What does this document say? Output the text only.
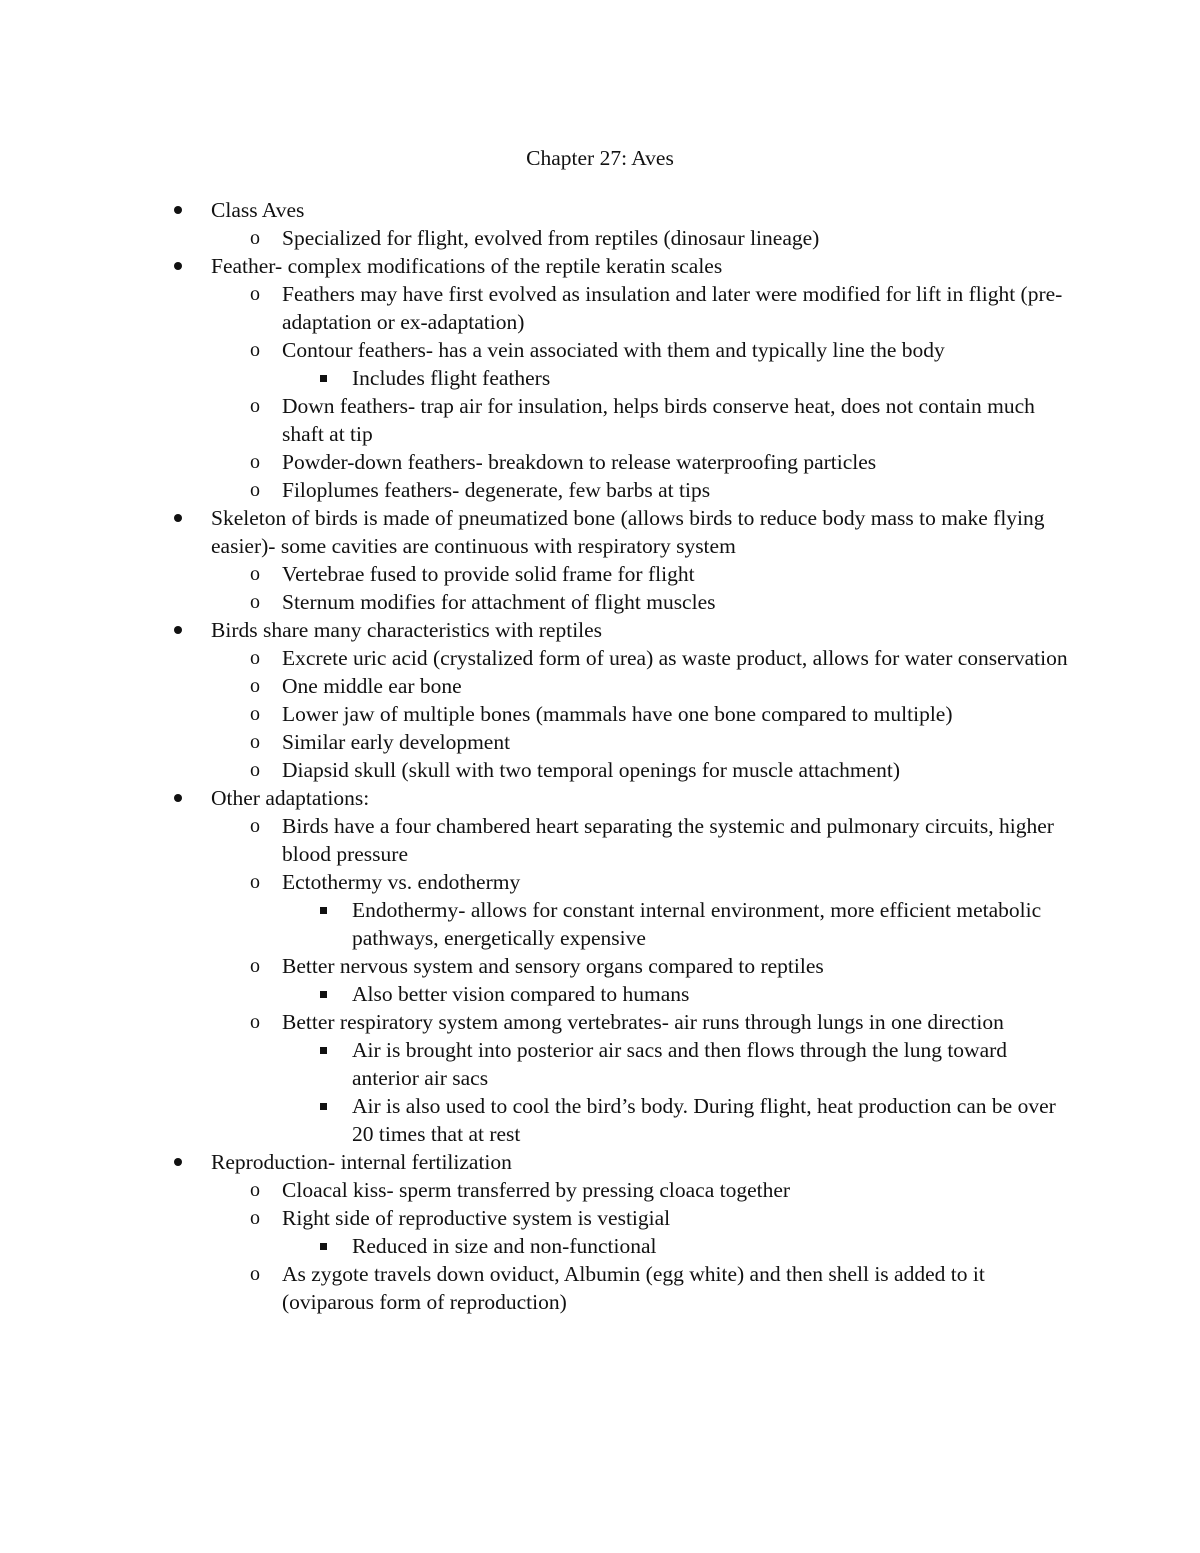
Chapter 27: Aves
Class Aves
o Specialized for flight, evolved from reptiles (dinosaur lineage)
Feather- complex modifications of the reptile keratin scales
o Feathers may have first evolved as insulation and later were modified for lift in flight (pre-adaptation or ex-adaptation)
o Contour feathers- has a vein associated with them and typically line the body
Includes flight feathers
o Down feathers- trap air for insulation, helps birds conserve heat, does not contain much shaft at tip
o Powder-down feathers- breakdown to release waterproofing particles
o Filoplumes feathers- degenerate, few barbs at tips
Skeleton of birds is made of pneumatized bone (allows birds to reduce body mass to make flying easier)- some cavities are continuous with respiratory system
o Vertebrae fused to provide solid frame for flight
o Sternum modifies for attachment of flight muscles
Birds share many characteristics with reptiles
o Excrete uric acid (crystalized form of urea) as waste product, allows for water conservation
o One middle ear bone
o Lower jaw of multiple bones (mammals have one bone compared to multiple)
o Similar early development
o Diapsid skull (skull with two temporal openings for muscle attachment)
Other adaptations:
o Birds have a four chambered heart separating the systemic and pulmonary circuits, higher blood pressure
o Ectothermy vs. endothermy
Endothermy- allows for constant internal environment, more efficient metabolic pathways, energetically expensive
o Better nervous system and sensory organs compared to reptiles
Also better vision compared to humans
o Better respiratory system among vertebrates- air runs through lungs in one direction
Air is brought into posterior air sacs and then flows through the lung toward anterior air sacs
Air is also used to cool the bird’s body. During flight, heat production can be over 20 times that at rest
Reproduction- internal fertilization
o Cloacal kiss- sperm transferred by pressing cloaca together
o Right side of reproductive system is vestigial
Reduced in size and non-functional
o As zygote travels down oviduct, Albumin (egg white) and then shell is added to it (oviparous form of reproduction)
